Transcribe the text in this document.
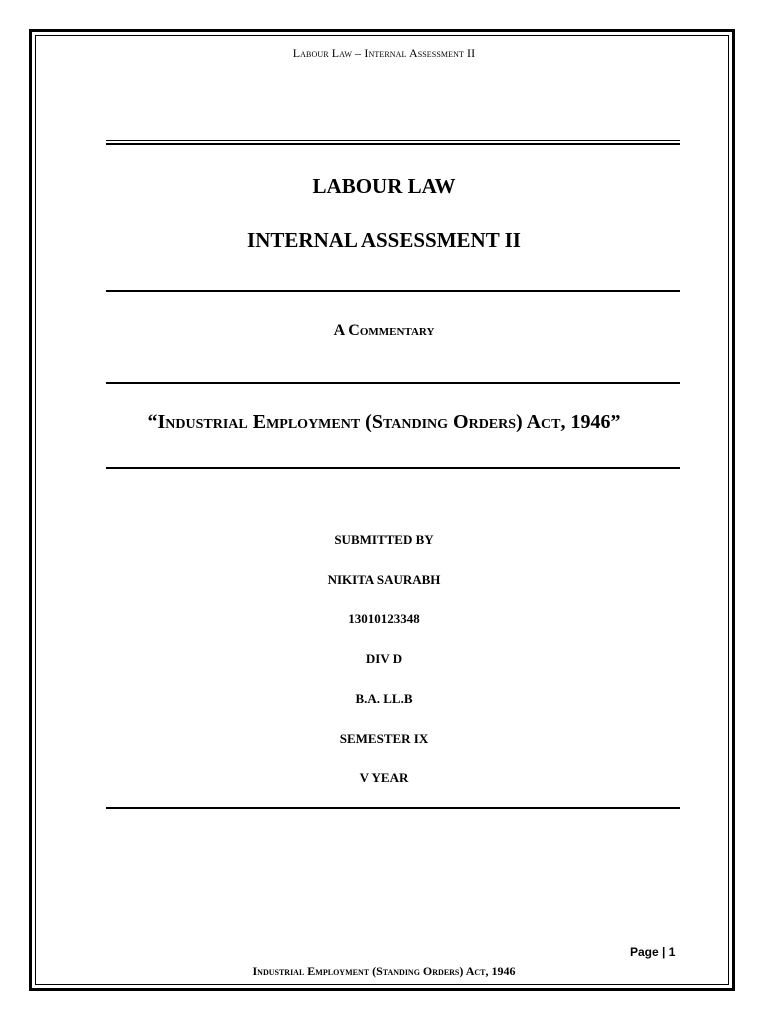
Labour Law – Internal Assessment II
LABOUR LAW
INTERNAL ASSESSMENT II
A Commentary
“Industrial Employment (Standing Orders) Act, 1946”
SUBMITTED BY
NIKITA SAURABH
13010123348
DIV D
B.A. LL.B
SEMESTER IX
V YEAR
Page | 1
Industrial Employment (Standing Orders) Act, 1946
